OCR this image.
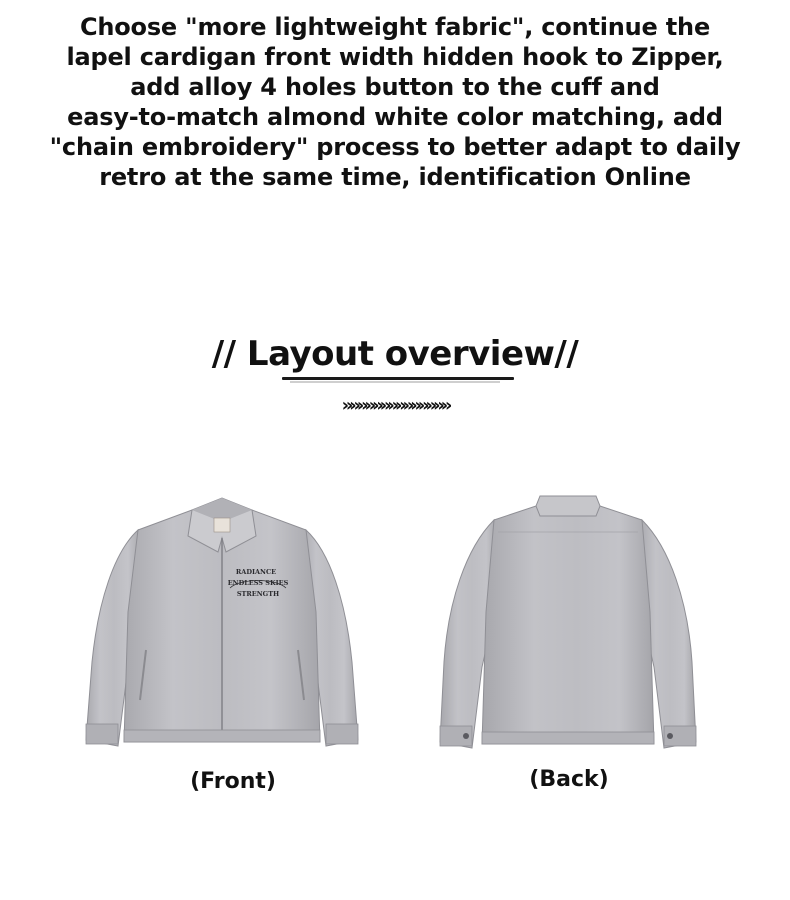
Choose "more lightweight fabric", continue the

lapel cardigan front width hidden hook to Zipper,

add alloy 4 holes button to the cuff and

easy-to-match almond white color matching, add

"chain embroidery" process to better adapt to daily

retro at the same time, identification Online

// Layout overview//
»»»»»»»»»»»»»»
RADIANCE
ENDLESS SKIES
STRENGTH
(Front)	(Back)
